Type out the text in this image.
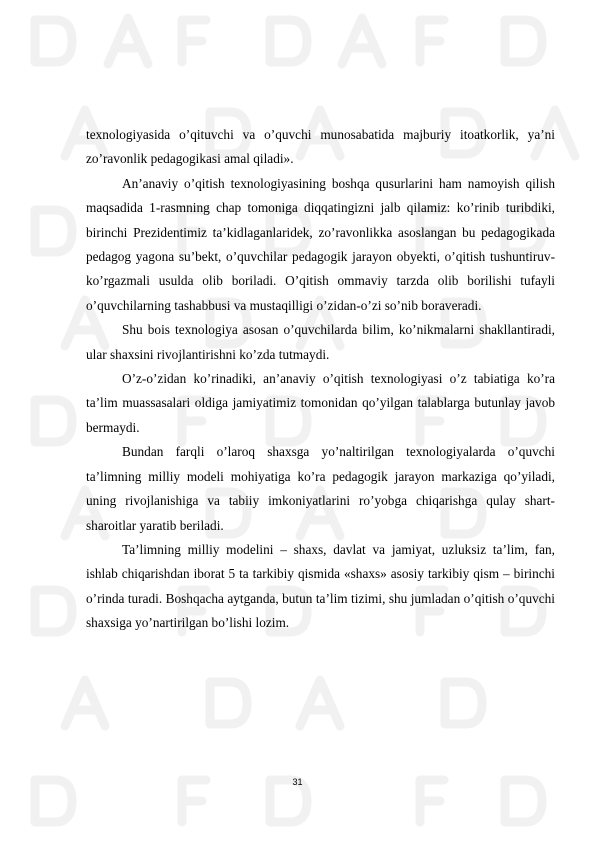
texnologiyasida o’qituvchi va o’quvchi munosabatida majburiy itoatkorlik, ya’ni zo’ravonlik pedagogikasi amal qiladi».

An’anaviy o’qitish texnologiyasining boshqa qusurlarini ham namoyish qilish maqsadida 1-rasmning chap tomoniga diqqatingizni jalb qilamiz: ko’rinib turibdiki, birinchi Prezidentimiz ta’kidlaganlaridek, zo’ravonlikka asoslangan bu pedagogikada pedagog yagona su’bekt, o’quvchilar pedagogik jarayon obyekti, o’qitish tushuntiruv-ko’rgazmali usulda olib boriladi. O’qitish ommaviy tarzda olib borilishi tufayli o’quvchilarning tashabbusi va mustaqilligi o’zidan-o’zi so’nib boraveradi.

Shu bois texnologiya asosan o’quvchilarda bilim, ko’nikmalarni shakllantiradi, ular shaxsini rivojlantirishni ko’zda tutmaydi.

O’z-o’zidan ko’rinadiki, an’anaviy o’qitish texnologiyasi o’z tabiatiga ko’ra ta’lim muassasalari oldiga jamiyatimiz tomonidan qo’yilgan talablarga butunlay javob bermaydi.

Bundan farqli o’laroq shaxsga yo’naltirilgan texnologiyalarda o’quvchi ta’limning milliy modeli mohiyatiga ko’ra pedagogik jarayon markaziga qo’yiladi, uning rivojlanishiga va tabiiy imkoniyatlarini ro’yobga chiqarishga qulay shart-sharoitlar yaratib beriladi.

Ta’limning milliy modelini – shaxs, davlat va jamiyat, uzluksiz ta’lim, fan, ishlab chiqarishdan iborat 5 ta tarkibiy qismida «shaxs» asosiy tarkibiy qism – birinchi o’rinda turadi. Boshqacha aytganda, butun ta’lim tizimi, shu jumladan o’qitish o’quvchi shaxsiga yo’nartirilgan bo’lishi lozim.

31
